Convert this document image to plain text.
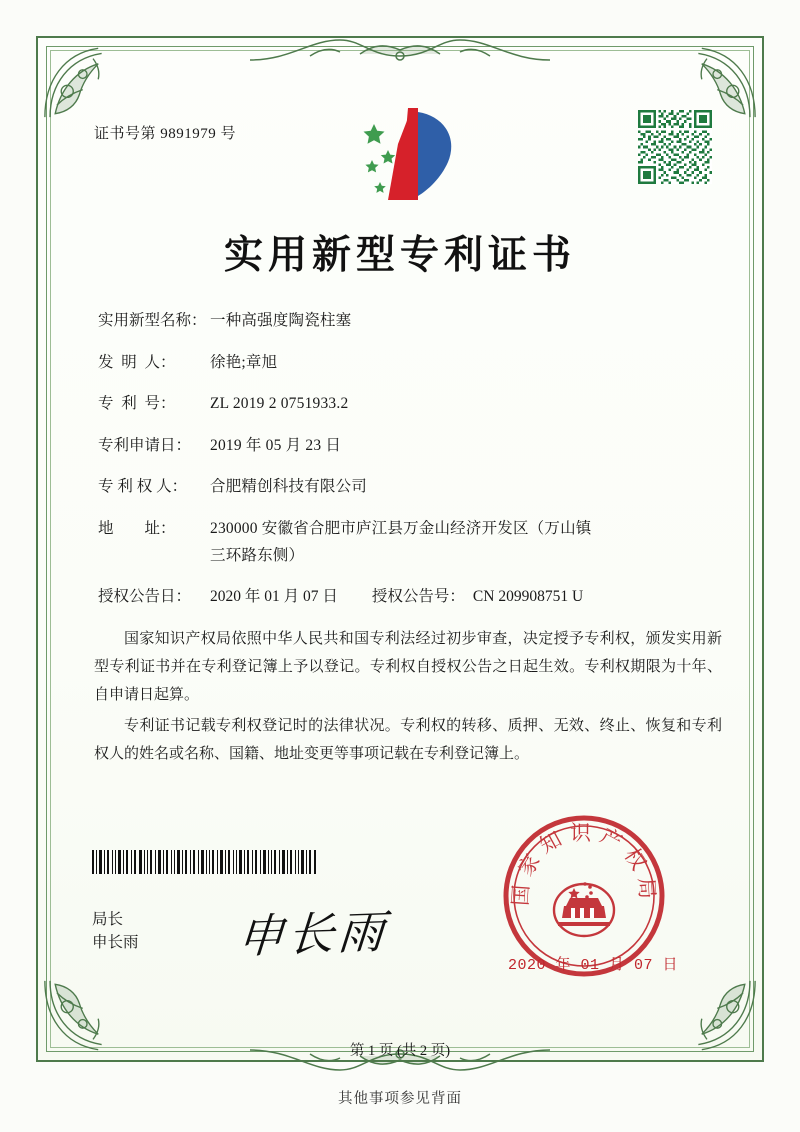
证书号第 9891979 号
实用新型专利证书
实用新型名称： 一种高强度陶瓷柱塞
发  明  人：	徐艳;章旭
专  利  号：	ZL 2019 2 0751933.2
专利申请日：	2019 年 05 月 23 日
专 利 权 人：	合肥精创科技有限公司
地        址：	230000 安徽省合肥市庐江县万金山经济开发区（万山镇
三环路东侧）
授权公告日：	2020 年 01 月 07 日 授权公告号： CN 209908751 U

国家知识产权局依照中华人民共和国专利法经过初步审查，决定授予专利权，颁发实用新型专利证书并在专利登记簿上予以登记。专利权自授权公告之日起生效。专利权期限为十年、自申请日起算。

专利证书记载专利权登记时的法律状况。专利权的转移、质押、无效、终止、恢复和专利权人的姓名或名称、国籍、地址变更等事项记载在专利登记簿上。

局长
申长雨 申长雨
国家知识产权局
2020 年 01 月 07 日
第 1 页 (共 2 页)
其他事项参见背面
